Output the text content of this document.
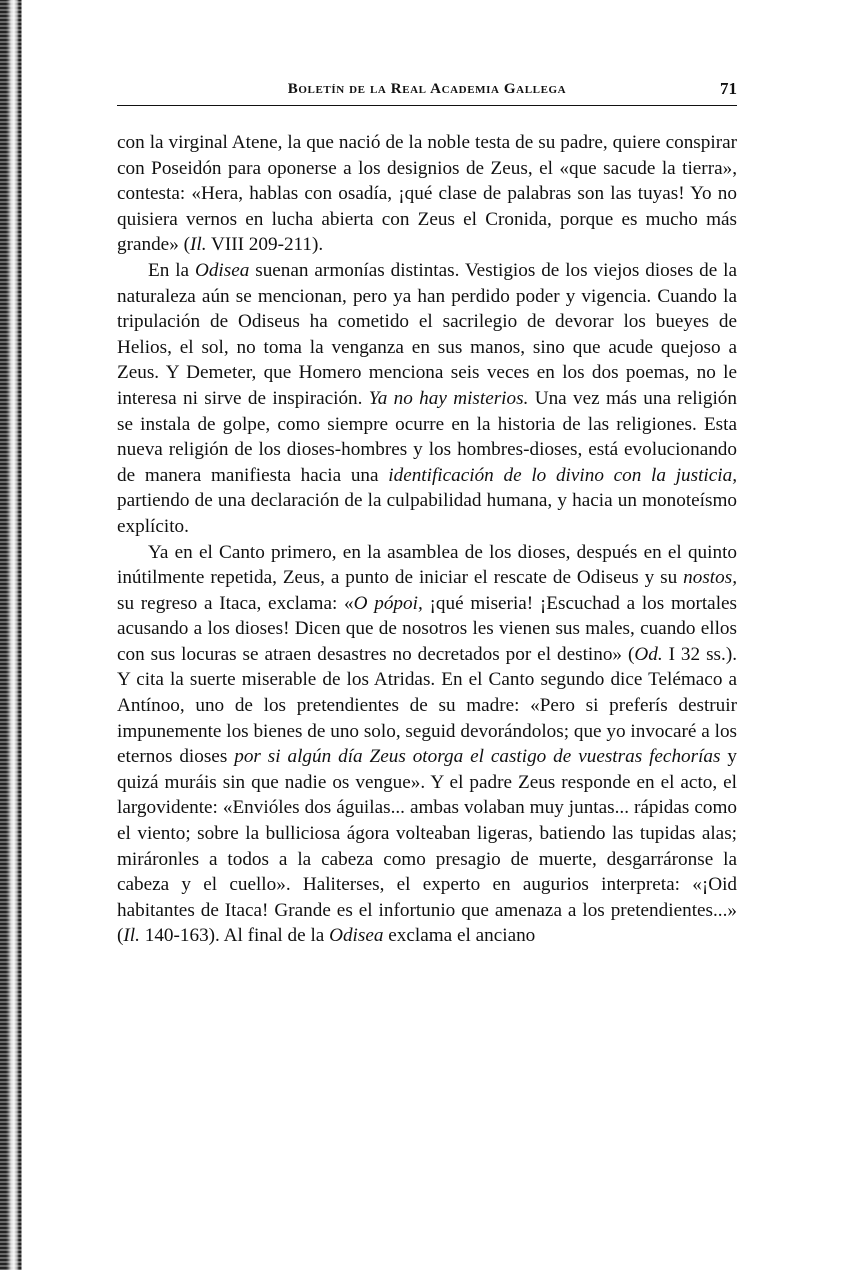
Boletín de la Real Academia Gallega	71

con la virginal Atene, la que nació de la noble testa de su padre, quiere conspirar con Poseidón para oponerse a los designios de Zeus, el «que sacude la tierra», contesta: «Hera, hablas con osadía, ¡qué clase de palabras son las tuyas! Yo no quisiera vernos en lucha abierta con Zeus el Cronida, porque es mucho más grande» (Il. VIII 209-211).

En la Odisea suenan armonías distintas. Vestigios de los viejos dioses de la naturaleza aún se mencionan, pero ya han perdido poder y vigencia. Cuando la tripulación de Odiseus ha cometido el sacrilegio de devorar los bueyes de Helios, el sol, no toma la venganza en sus manos, sino que acude quejoso a Zeus. Y Demeter, que Homero menciona seis veces en los dos poemas, no le interesa ni sirve de inspiración. Ya no hay misterios. Una vez más una religión se instala de golpe, como siempre ocurre en la historia de las religiones. Esta nueva religión de los dioses-hombres y los hombres-dioses, está evolucionando de manera manifiesta hacia una identificación de lo divino con la justicia, partiendo de una declaración de la culpabilidad humana, y hacia un monoteísmo explícito.

Ya en el Canto primero, en la asamblea de los dioses, después en el quinto inútilmente repetida, Zeus, a punto de iniciar el rescate de Odiseus y su nostos, su regreso a Itaca, exclama: «O pópoi, ¡qué miseria! ¡Escuchad a los mortales acusando a los dioses! Dicen que de nosotros les vienen sus males, cuando ellos con sus locuras se atraen desastres no decretados por el destino» (Od. I 32 ss.). Y cita la suerte miserable de los Atridas. En el Canto segundo dice Telémaco a Antínoo, uno de los pretendientes de su madre: «Pero si preferís destruir impunemente los bienes de uno solo, seguid devorándolos; que yo invocaré a los eternos dioses por si algún día Zeus otorga el castigo de vuestras fechorías y quizá muráis sin que nadie os vengue». Y el padre Zeus responde en el acto, el largovidente: «Envióles dos águilas... ambas volaban muy juntas... rápidas como el viento; sobre la bulliciosa ágora volteaban ligeras, batiendo las tupidas alas; miráronles a todos a la cabeza como presagio de muerte, desgarráronse la cabeza y el cuello». Haliterses, el experto en augurios interpreta: «¡Oid habitantes de Itaca! Grande es el infortunio que amenaza a los pretendientes...» (Il. 140-163). Al final de la Odisea exclama el anciano
